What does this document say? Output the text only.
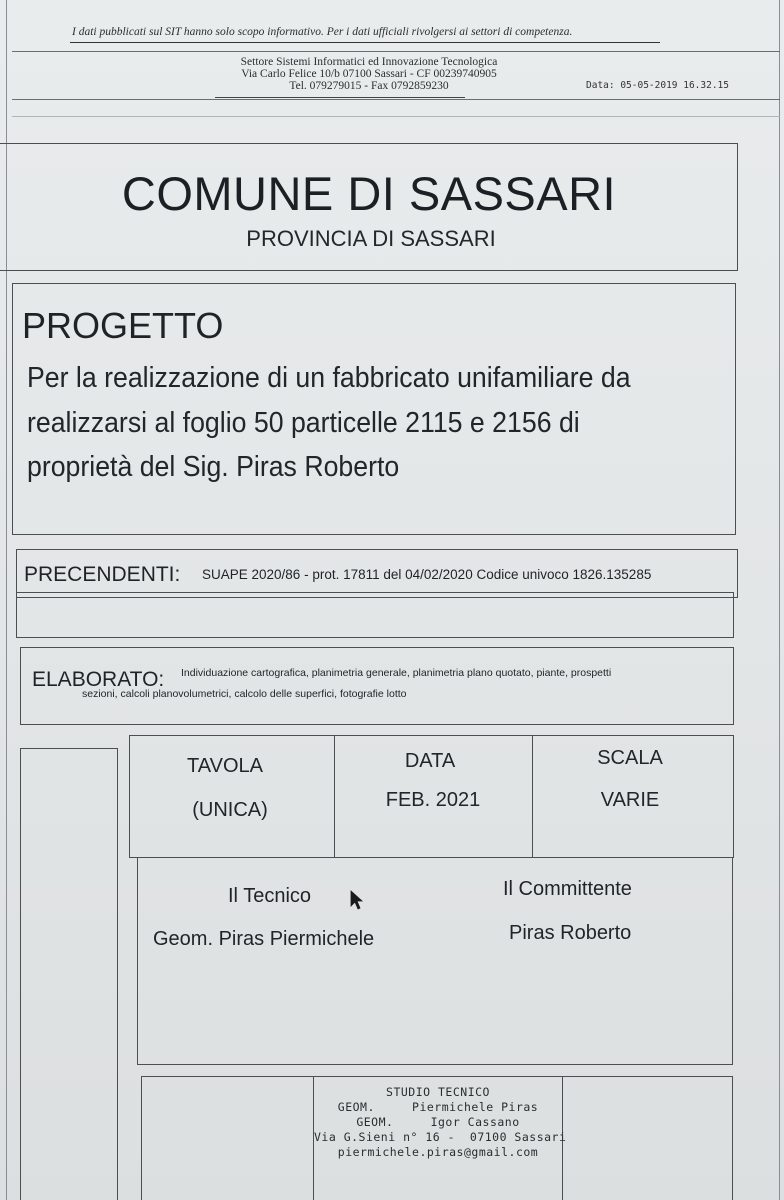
I dati pubblicati sul SIT hanno solo scopo informativo. Per i dati ufficiali rivolgersi ai settori di competenza.
Settore Sistemi Informatici ed Innovazione Tecnologica
Via Carlo Felice 10/b 07100 Sassari - CF 00239740905
Tel. 079279015 - Fax 0792859230	Data: 05-05-2019 16.32.15
COMUNE DI SASSARI
PROVINCIA DI SASSARI
PROGETTO
Per la realizzazione di un fabbricato unifamiliare da
realizzarsi al foglio 50 particelle 2115 e 2156 di
proprietà del Sig. Piras Roberto
PRECENDENTI: SUAPE 2020/86 - prot. 17811 del 04/02/2020 Codice univoco 1826.135285
ELABORATO: Individuazione cartografica, planimetria generale, planimetria plano quotato, piante, prospetti
sezioni, calcoli planovolumetrici, calcolo delle superfici, fotografie lotto
TAVOLA
(UNICA)
DATA
FEB. 2021
SCALA
VARIE
Il Tecnico
Geom. Piras Piermichele
Il Committente
Piras Roberto
STUDIO TECNICO
GEOM.     Piermichele Piras
GEOM.     Igor Cassano
Via G.Sieni n° 16 -  07100 Sassari
piermichele.piras@gmail.com
